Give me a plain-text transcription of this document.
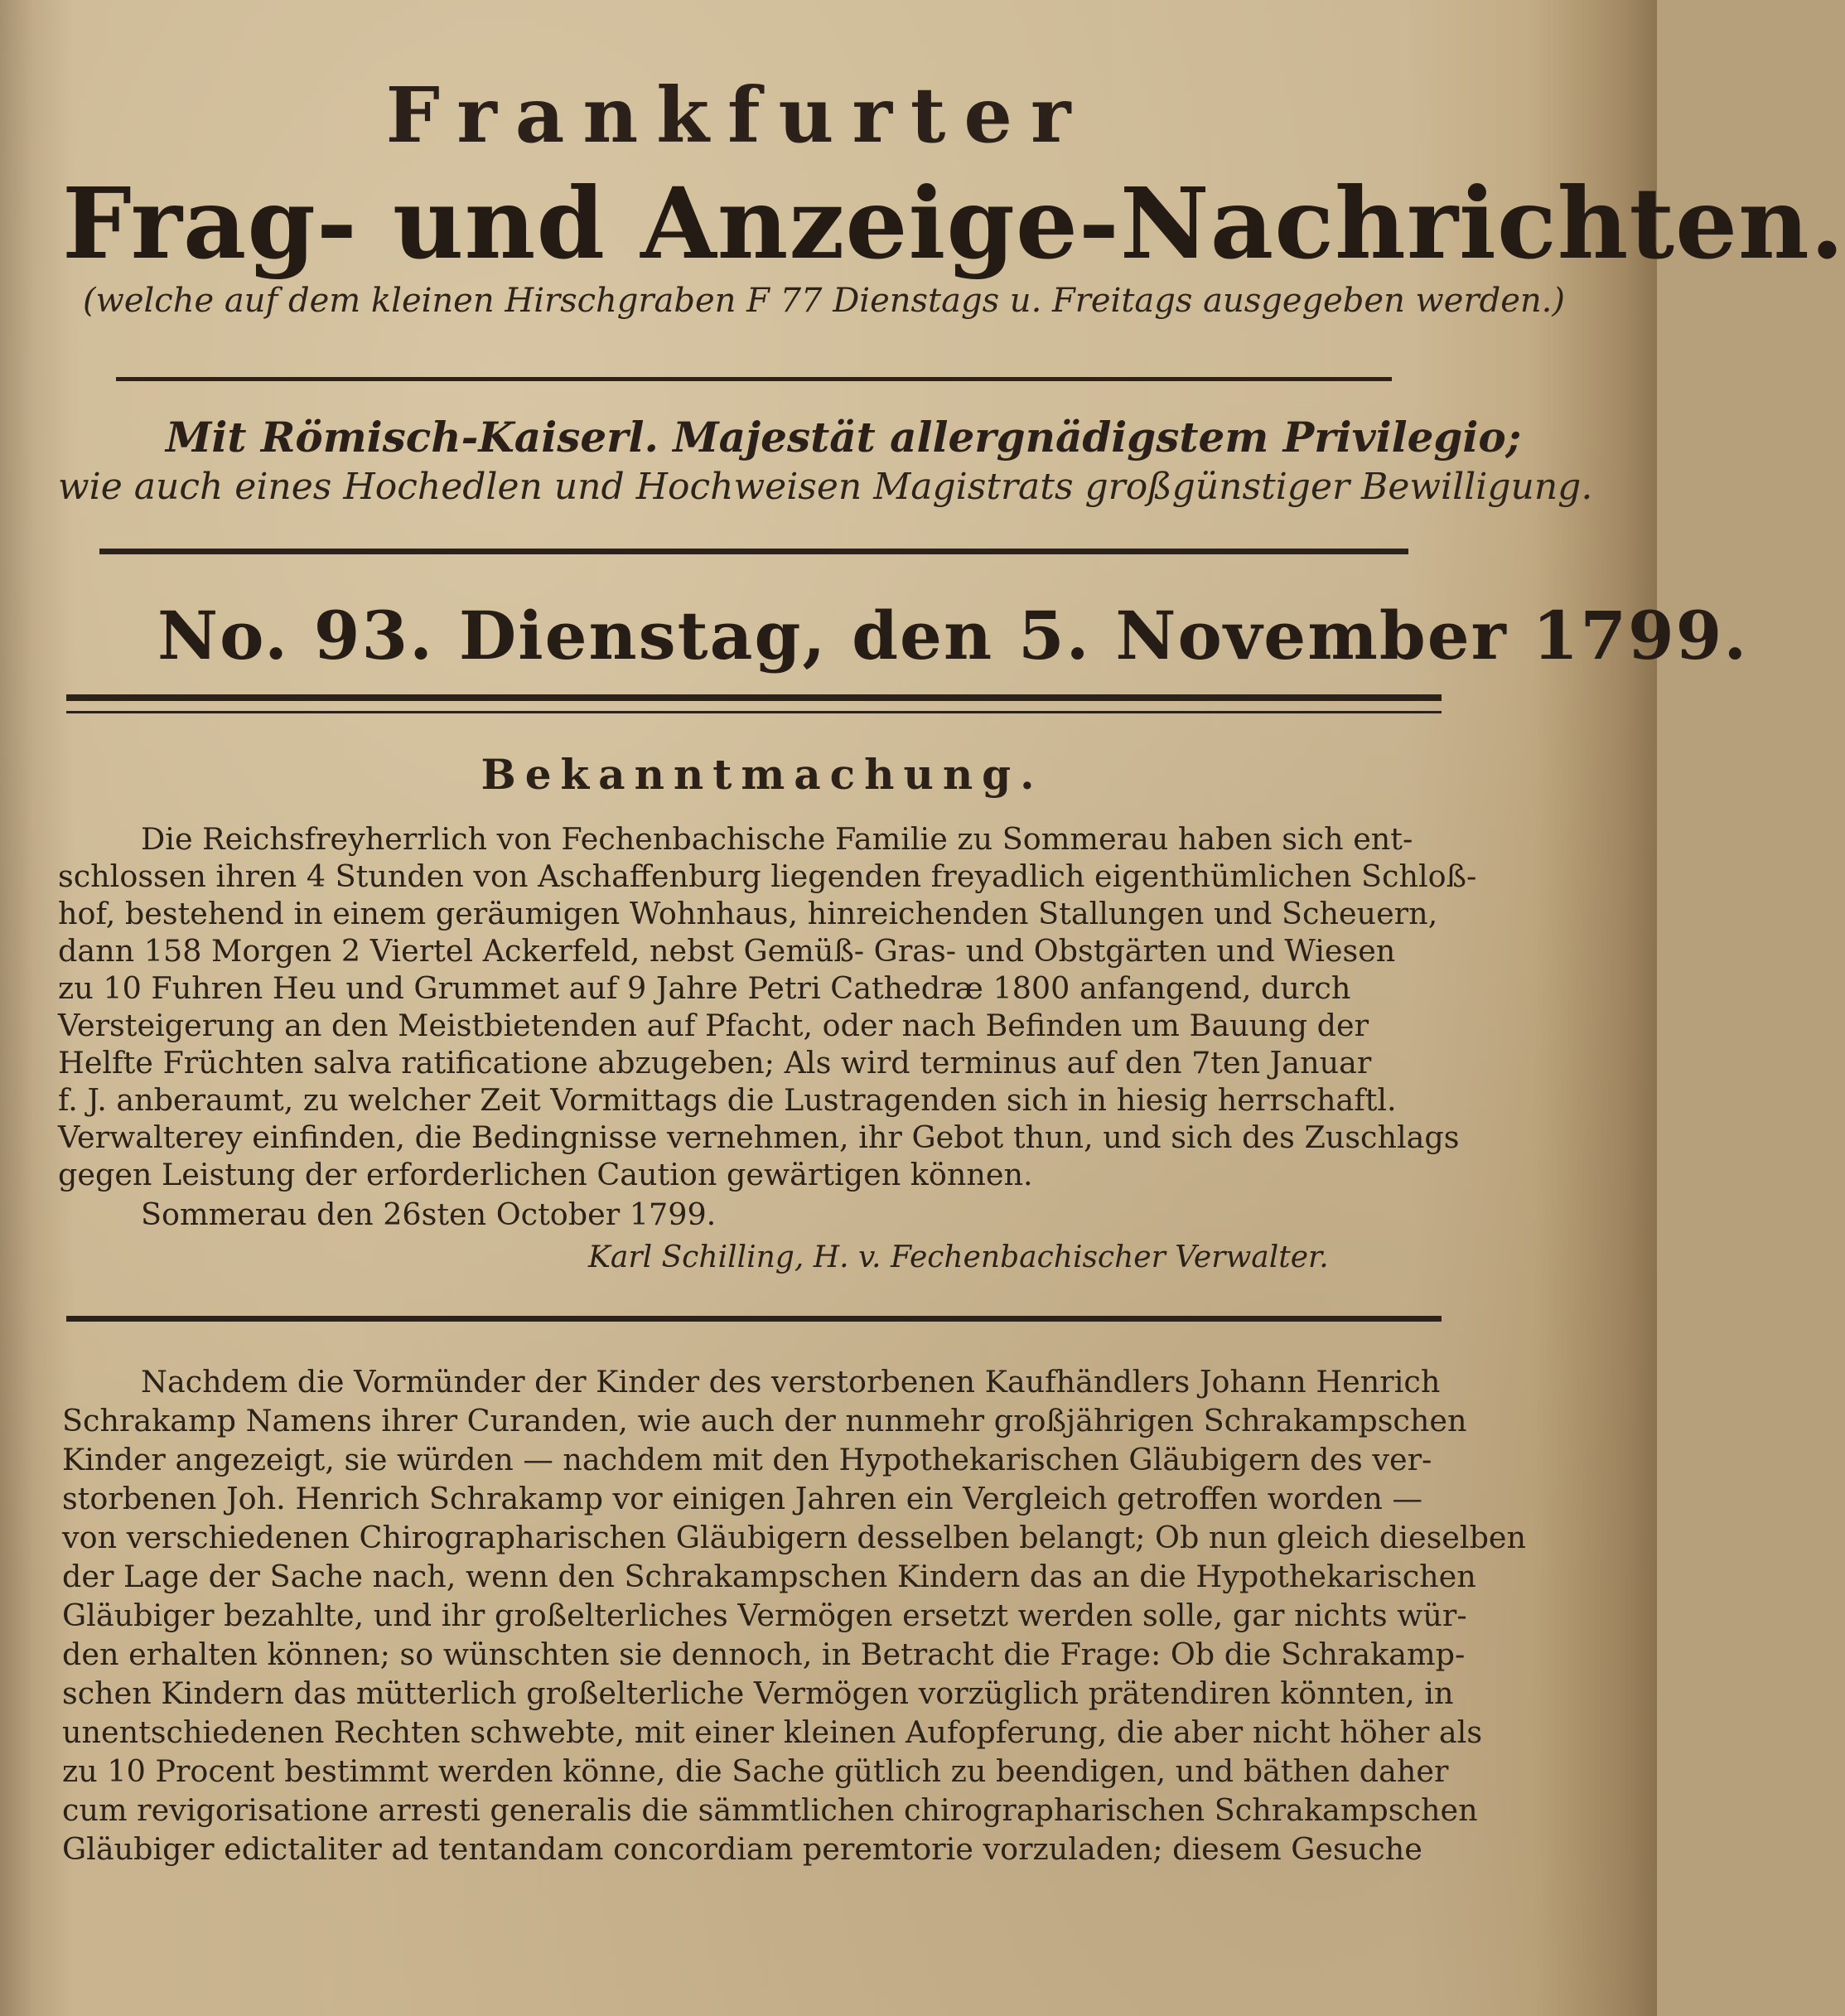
Frankfurter
Frag- und Anzeige-Nachrichten.
(welche auf dem kleinen Hirschgraben F 77 Dienstags u. Freitags ausgegeben werden.)
Mit Römisch-Kaiserl. Majestät allergnädigstem Privilegio;
wie auch eines Hochedlen und Hochweisen Magistrats großgünstiger Bewilligung.
No. 93. Dienstag, den 5. November 1799.
Bekanntmachung.
Die Reichsfreyherrlich von Fechenbachische Familie zu Sommerau haben sich ent-
schlossen ihren 4 Stunden von Aschaffenburg liegenden freyadlich eigenthümlichen Schloß-
hof, bestehend in einem geräumigen Wohnhaus, hinreichenden Stallungen und Scheuern,
dann 158 Morgen 2 Viertel Ackerfeld, nebst Gemüß- Gras- und Obstgärten und Wiesen
zu 10 Fuhren Heu und Grummet auf 9 Jahre Petri Cathedræ 1800 anfangend, durch
Versteigerung an den Meistbietenden auf Pfacht, oder nach Befinden um Bauung der
Helfte Früchten salva ratificatione abzugeben; Als wird terminus auf den 7ten Januar
f. J. anberaumt, zu welcher Zeit Vormittags die Lustragenden sich in hiesig herrschaftl.
Verwalterey einfinden, die Bedingnisse vernehmen, ihr Gebot thun, und sich des Zuschlags
gegen Leistung der erforderlichen Caution gewärtigen können.
Sommerau den 26sten October 1799.
Karl Schilling, H. v. Fechenbachischer Verwalter.
Nachdem die Vormünder der Kinder des verstorbenen Kaufhändlers Johann Henrich
Schrakamp Namens ihrer Curanden, wie auch der nunmehr großjährigen Schrakampschen
Kinder angezeigt, sie würden — nachdem mit den Hypothekarischen Gläubigern des ver-
storbenen Joh. Henrich Schrakamp vor einigen Jahren ein Vergleich getroffen worden —
von verschiedenen Chirographarischen Gläubigern desselben belangt; Ob nun gleich dieselben
der Lage der Sache nach, wenn den Schrakampschen Kindern das an die Hypothekarischen
Gläubiger bezahlte, und ihr großelterliches Vermögen ersetzt werden solle, gar nichts wür-
den erhalten können; so wünschten sie dennoch, in Betracht die Frage: Ob die Schrakamp-
schen Kindern das mütterlich großelterliche Vermögen vorzüglich prätendiren könnten, in
unentschiedenen Rechten schwebte, mit einer kleinen Aufopferung, die aber nicht höher als
zu 10 Procent bestimmt werden könne, die Sache gütlich zu beendigen, und bäthen daher
cum revigorisatione arresti generalis die sämmtlichen chirographarischen Schrakampschen
Gläubiger edictaliter ad tentandam concordiam peremtorie vorzuladen; diesem Gesuche
